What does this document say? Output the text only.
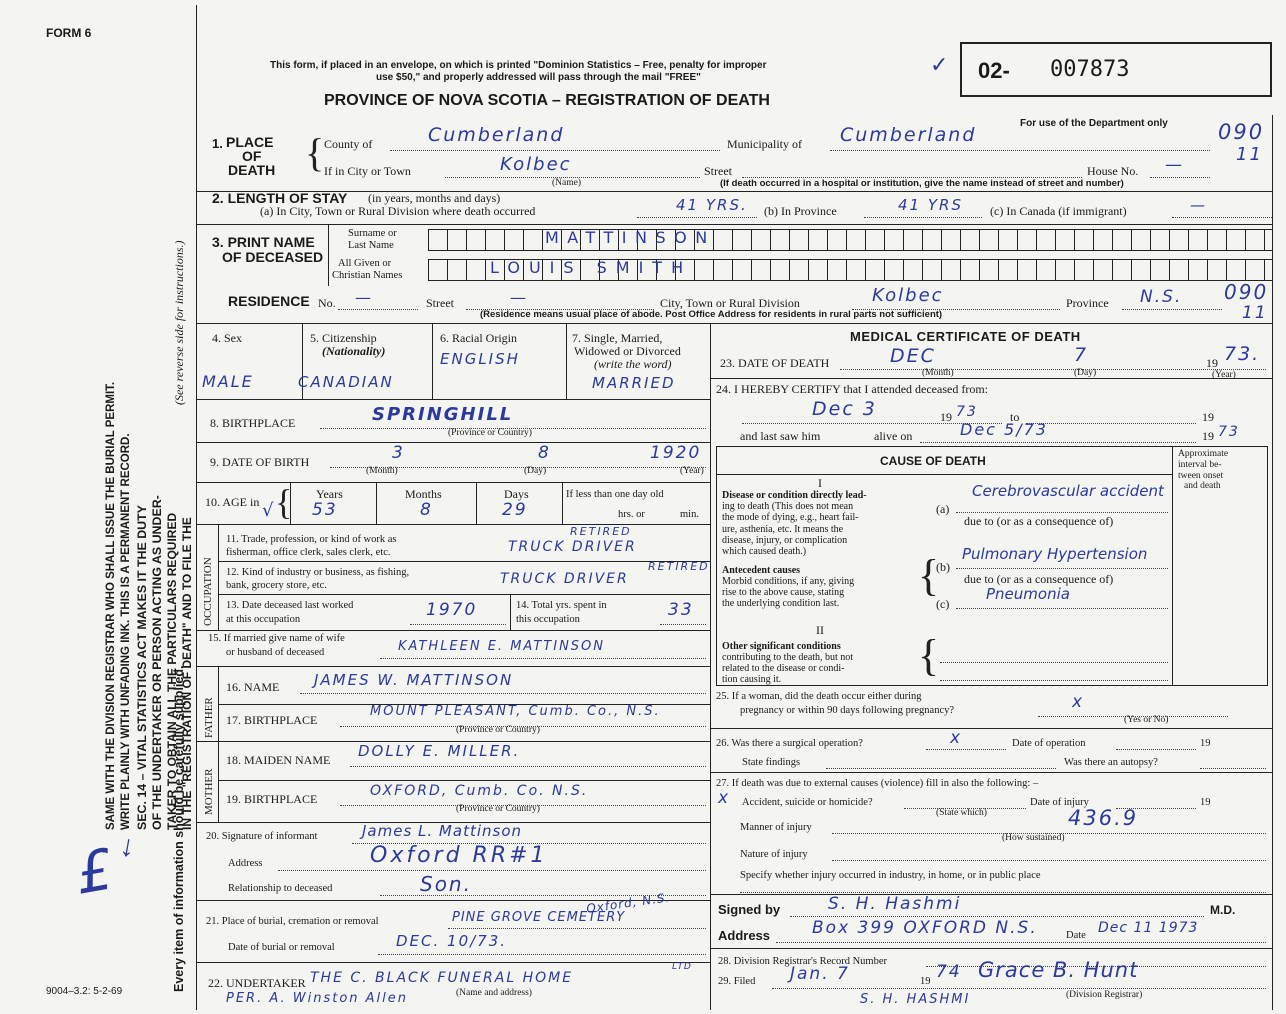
SEC. 14 – VITAL STATISTICS ACT MAKES IT THE DUTY OF THE UNDERTAKER OR PERSON ACTING AS UNDER- TAKER TO OBTAIN ALL THE PARTICULARS REQUIRED IN THE "REGISTRATION OF DEATH" AND TO FILE THE
SAME WITH THE DIVISION REGISTRAR WHO SHALL ISSUE THE BURIAL PERMIT. WRITE PLAINLY WITH UNFADING INK. THIS IS A PERMANENT RECORD.	Every item of information should be carefully supplied.
(See reverse side for instructions.)
FORM 6
This form, if placed in an envelope, on which is printed "Dominion Statistics – Free, penalty for improper
use $50," and properly addressed will pass through the mail "FREE"
PROVINCE OF NOVA SCOTIA – REGISTRATION OF DEATH
02- 007873
✓
For use of the Department only 090
11
1. PLACE
OF
DEATH { County of	Cumberland	Municipality of Cumberland
If in City or Town	Kolbec
(Name)
Street	House No. —
(If death occurred in a hospital or institution, give the name instead of street and number)
2. LENGTH OF STAY (in years, months and days)
(a) In City, Town or Rural Division where death occurred	41 YRS. (b) In Province	41 YRS (c) In Canada (if immigrant)	—
3. PRINT NAME
OF DECEASED
Surname or
Last Name
All Given or
Christian Names
MATTINSON
LOUIS SMITH
RESIDENCE No. —	Street	—	City, Town or Rural Division	Kolbec	Province N.S. 090
11
(Residence means usual place of abode. Post Office Address for residents in rural parts not sufficient)
4. Sex
MALE
5. Citizenship
(Nationality)
CANADIAN
6. Racial Origin
ENGLISH
7. Single, Married,
Widowed or Divorced
(write the word)
MARRIED
8. BIRTHPLACE	SPRINGHILL
(Province or Country)
9. DATE OF BIRTH	3	8	1920
(Month)	(Day)	(Year)
10. AGE in {
√
Years	Months	Days
53	8	29
If less than one day old
hrs. or	min.
OCCUPATION
11. Trade, profession, or kind of work as
fisherman, office clerk, sales clerk, etc.
RETIRED
TRUCK DRIVER
12. Kind of industry or business, as fishing,
bank, grocery store, etc.
RETIRED
TRUCK DRIVER
13. Date deceased last worked
at this occupation	1970	14. Total yrs. spent in
this occupation	33
15. If married give name of wife
or husband of deceased	KATHLEEN E. MATTINSON
FATHER
16. NAME JAMES W. MATTINSON
17. BIRTHPLACE
MOUNT PLEASANT, Cumb. Co., N.S.
(Province or Country)
MOTHER
18. MAIDEN NAME DOLLY E. MILLER.
19. BIRTHPLACE	OXFORD, Cumb. Co. N.S.
(Province or Country)
20. Signature of informant	James L. Mattinson
Address	Oxford RR#1
Relationship to deceased	Son.
21. Place of burial, cremation or removal
Oxford, N.S.
PINE GROVE CEMETERY
Date of burial or removal	DEC. 10/73.
22. UNDERTAKER
LTD
THE C. BLACK FUNERAL HOME
(Name and address)
PER. A. Winston Allen
£ ↓
9004–3.2: 5-2-69
MEDICAL CERTIFICATE OF DEATH
23. DATE OF DEATH	DEC	7	19 73.
(Month)	(Day)	(Year)
24. I HEREBY CERTIFY that I attended deceased from:
Dec 3	19 73	to	19
and last saw him	alive on	Dec 5/73	19 73
CAUSE OF DEATH	Approximate
interval be-
tween onset
and death
I
Disease or condition directly lead-
ing to death (This does not mean
the mode of dying, e.g., heart fail-
ure, asthenia, etc. It means the
disease, injury, or complication
which caused death.)
(a)
Cerebrovascular accident
due to (or as a consequence of)
Antecedent causes
Morbid conditions, if any, giving
rise to the above cause, stating
the underlying condition last.
{
(b)
Pulmonary Hypertension
due to (or as a consequence of)
(c)
Pneumonia
II
Other significant conditions
contributing to the death, but not
related to the disease or condi-
tion causing it.	{
25. If a woman, did the death occur either during
pregnancy or within 90 days following pregnancy?	x
(Yes or No)
26. Was there a surgical operation?	x	Date of operation	19
State findings	Was there an autopsy?
27. If death was due to external causes (violence) fill in also the following: –
x Accident, suicide or homicide?	Date of injury	19
(State which)
Manner of injury	436.9
(How sustained)
Nature of injury
Specify whether injury occurred in industry, in home, or in public place
Signed by	S. H. Hashmi	M.D.
Address Box 399 OXFORD N.S.	Date Dec 11 1973
28. Division Registrar's Record Number
29. Filed Jan. 7	19 74 Grace B. Hunt
S. H. HASHMI	(Division Registrar)
